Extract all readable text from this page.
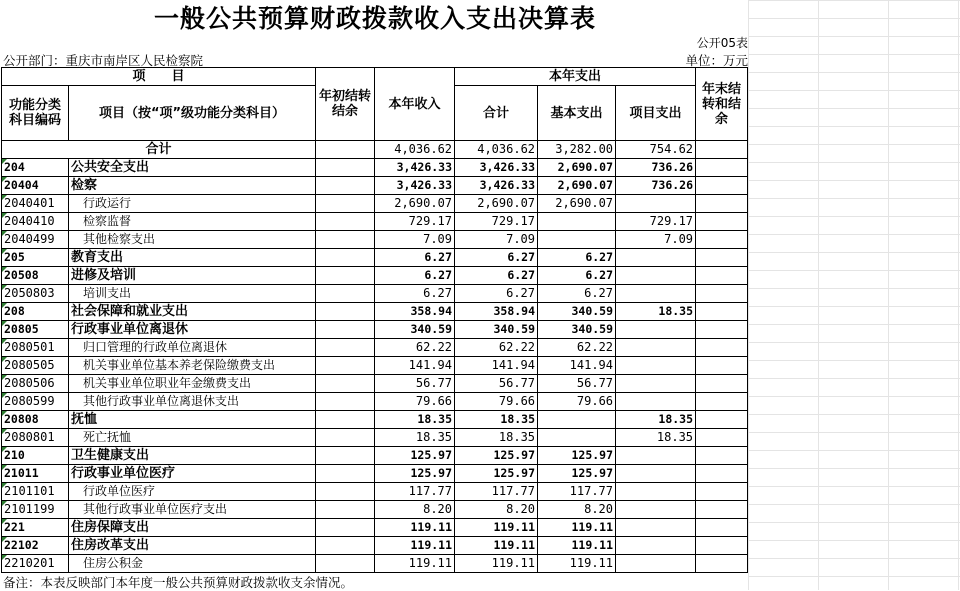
一般公共预算财政拨款收入支出决算表
公开05表
公开部门：重庆市南岸区人民检察院	单位：万元
项　　目		年初结转结余	本年收入	本年支出			年末结转和结余
功能分类科目编码	项目（按“项”级功能分类科目）			合计	基本支出	项目支出	
合计			4,036.62	4,036.62	3,282.00	754.62	
204	公共安全支出		3,426.33	3,426.33	2,690.07	736.26	
20404	检察		3,426.33	3,426.33	2,690.07	736.26	
2040401	行政运行		2,690.07	2,690.07	2,690.07		
2040410	检察监督		729.17	729.17		729.17	
2040499	其他检察支出		7.09	7.09		7.09	
205	教育支出		6.27	6.27	6.27		
20508	进修及培训		6.27	6.27	6.27		
2050803	培训支出		6.27	6.27	6.27		
208	社会保障和就业支出		358.94	358.94	340.59	18.35	
20805	行政事业单位离退休		340.59	340.59	340.59		
2080501	归口管理的行政单位离退休		62.22	62.22	62.22		
2080505	机关事业单位基本养老保险缴费支出		141.94	141.94	141.94		
2080506	机关事业单位职业年金缴费支出		56.77	56.77	56.77		
2080599	其他行政事业单位离退休支出		79.66	79.66	79.66		
20808	抚恤		18.35	18.35		18.35	
2080801	死亡抚恤		18.35	18.35		18.35	
210	卫生健康支出		125.97	125.97	125.97		
21011	行政事业单位医疗		125.97	125.97	125.97		
2101101	行政单位医疗		117.77	117.77	117.77		
2101199	其他行政事业单位医疗支出		8.20	8.20	8.20		
221	住房保障支出		119.11	119.11	119.11		
22102	住房改革支出		119.11	119.11	119.11		
2210201	住房公积金		119.11	119.11	119.11		
备注：本表反映部门本年度一般公共预算财政拨款收支余情况。
